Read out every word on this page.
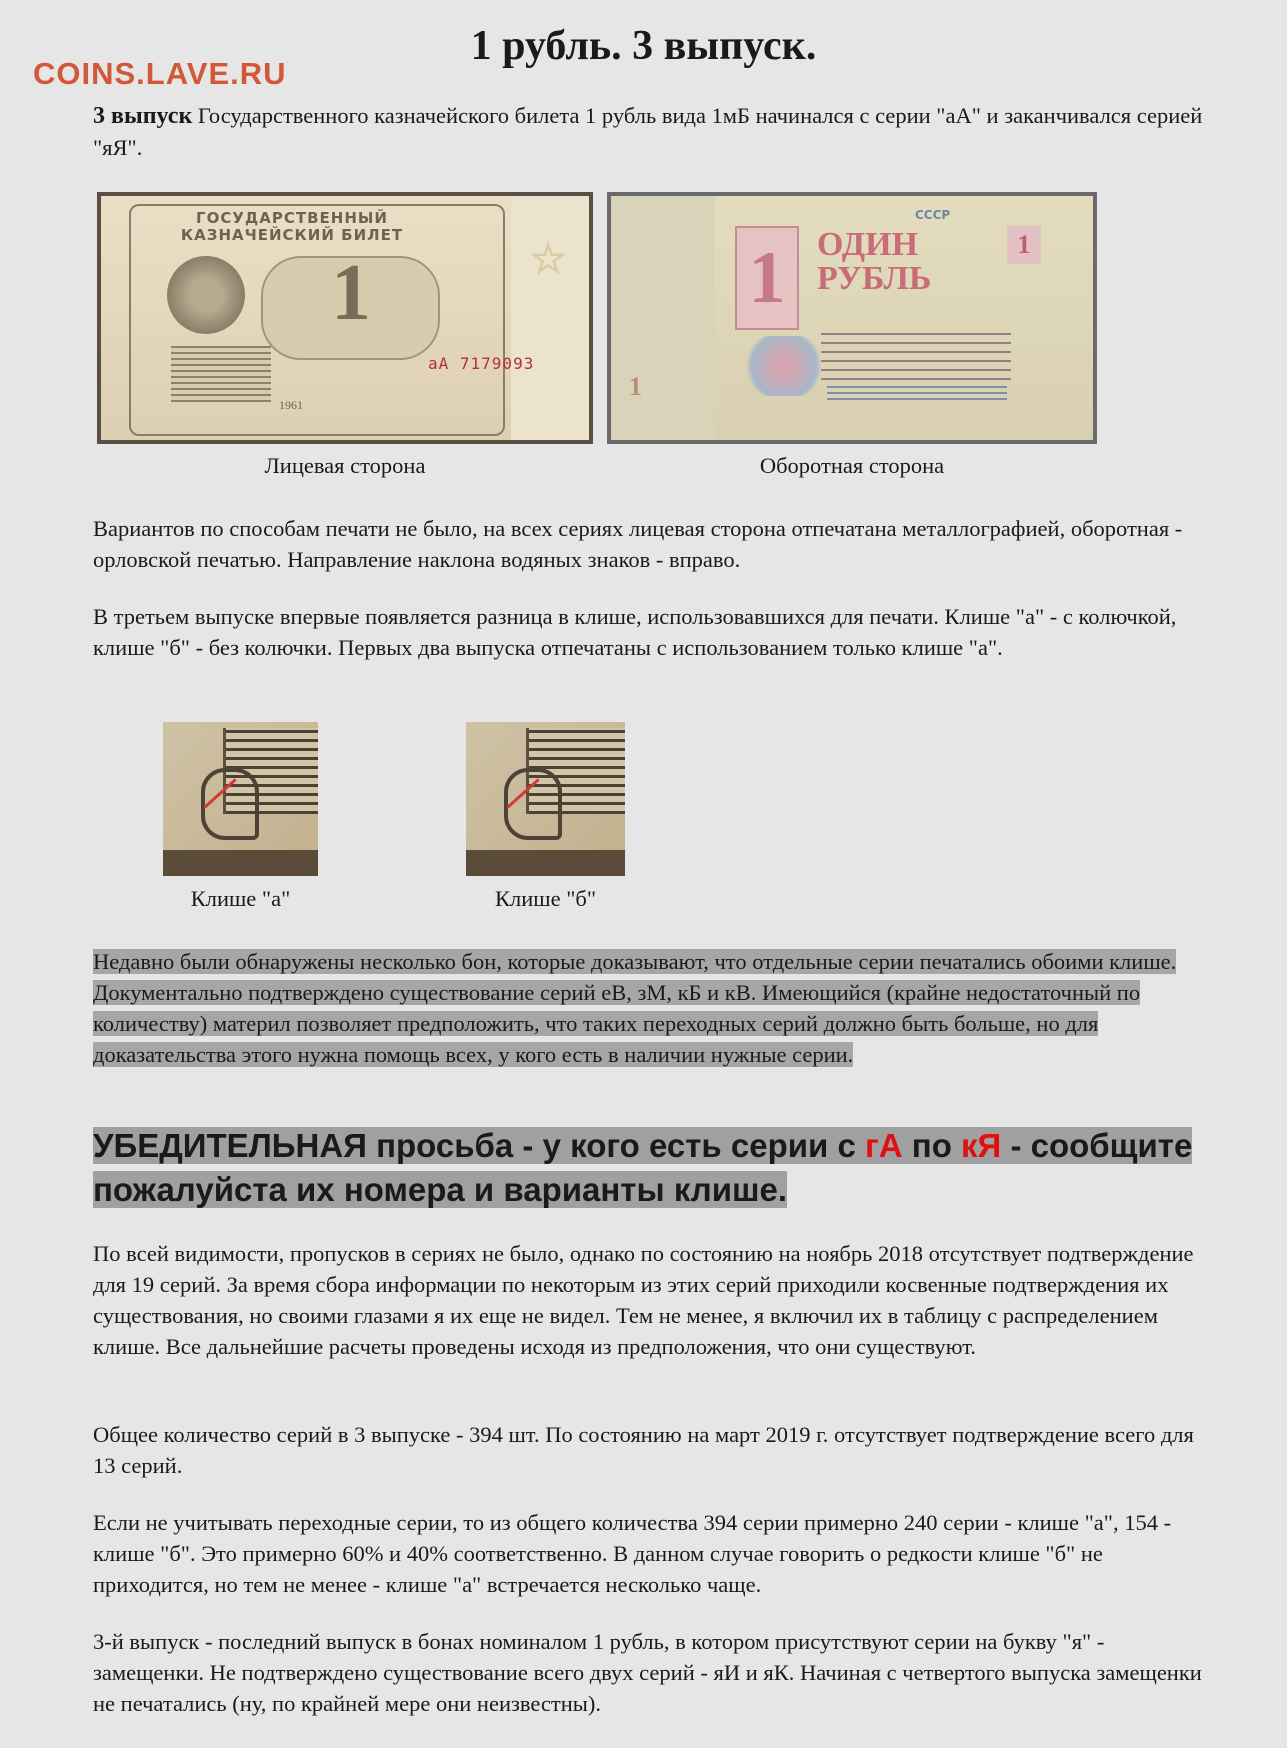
COINS.LAVE.RU
1 рубль. 3 выпуск.

3 выпуск Государственного казначейского билета 1 рубль вида 1мБ начинался с серии "аА" и заканчивался серией "яЯ".

☆
ГОСУДАРСТВЕННЫЙ КАЗНАЧЕЙСКИЙ БИЛЕТ
1
аА 7179093
1961
1
1
СССР
ОДИН РУБЛЬ
1
Лицевая сторона	Оборотная сторона

Вариантов по способам печати не было, на всех сериях лицевая сторона отпечатана металлографией, оборотная - орловской печатью. Направление наклона водяных знаков - вправо.

В третьем выпуске впервые появляется разница в клише, использовавшихся для печати. Клише "а" - с колючкой, клише "б" - без колючки. Первых два выпуска отпечатаны с использованием только клише "а".

Клише "а"	Клише "б"

Недавно были обнаружены несколько бон, которые доказывают, что отдельные серии печатались обоими клише. Документально подтверждено существование серий еВ, зМ, кБ и кВ. Имеющийся (крайне недостаточный по количеству) материл позволяет предположить, что таких переходных серий должно быть больше, но для доказательства этого нужна помощь всех, у кого есть в наличии нужные серии.

УБЕДИТЕЛЬНАЯ просьба - у кого есть серии с гА по кЯ - сообщите пожалуйста их номера и варианты клише.

По всей видимости, пропусков в сериях не было, однако по состоянию на ноябрь 2018 отсутствует подтверждение для 19 серий. За время сбора информации по некоторым из этих серий приходили косвенные подтверждения их существования, но своими глазами я их еще не видел. Тем не менее, я включил их в таблицу с распределением клише. Все дальнейшие расчеты проведены исходя из предположения, что они существуют.

Общее количество серий в 3 выпуске - 394 шт. По состоянию на март 2019 г. отсутствует подтверждение всего для 13 серий.

Если не учитывать переходные серии, то из общего количества 394 серии примерно 240 серии - клише "а", 154 - клише "б". Это примерно 60% и 40% соответственно. В данном случае говорить о редкости клише "б" не приходится, но тем не менее - клише "а" встречается несколько чаще.

3-й выпуск - последний выпуск в бонах номиналом 1 рубль, в котором присутствуют серии на букву "я" - замещенки. Не подтверждено существование всего двух серий - яИ и яК. Начиная с четвертого выпуска замещенки не печатались (ну, по крайней мере они неизвестны).
